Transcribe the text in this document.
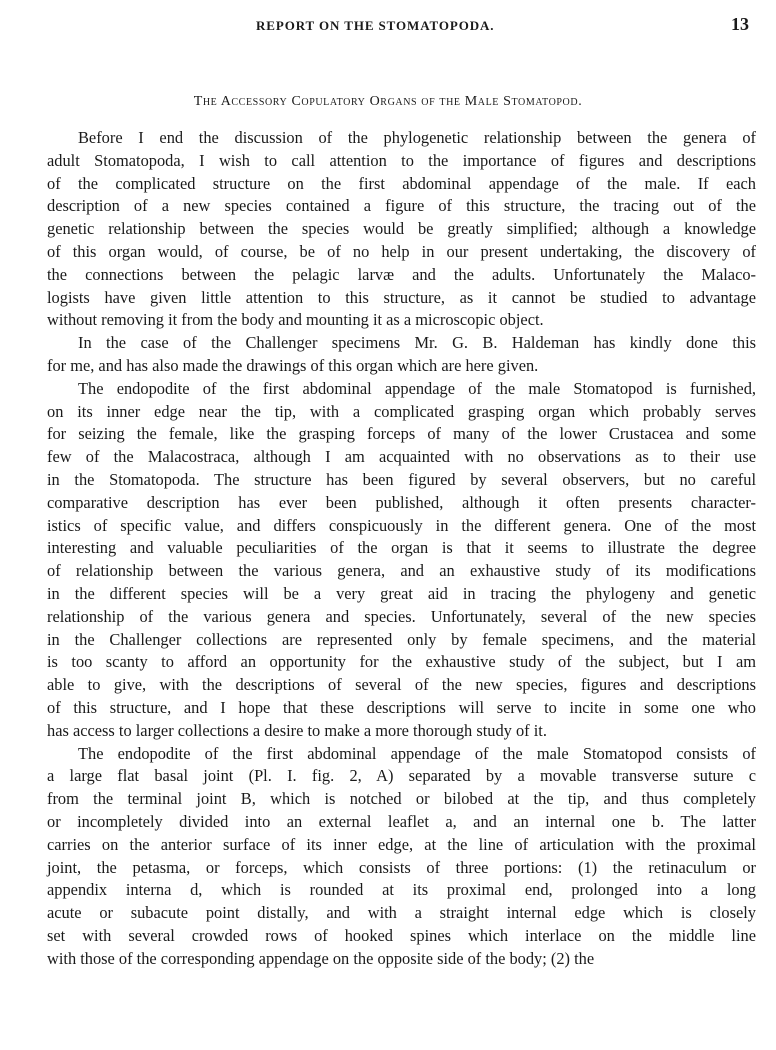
REPORT ON THE STOMATOPODA.	13
The Accessory Copulatory Organs of the Male Stomatopod.
Before I end the discussion of the phylogenetic relationship between the genera of
adult Stomatopoda, I wish to call attention to the importance of figures and descriptions
of the complicated structure on the first abdominal appendage of the male. If each
description of a new species contained a figure of this structure, the tracing out of the
genetic relationship between the species would be greatly simplified; although a knowledge
of this organ would, of course, be of no help in our present undertaking, the discovery of
the connections between the pelagic larvæ and the adults. Unfortunately the Malaco-
logists have given little attention to this structure, as it cannot be studied to advantage
without removing it from the body and mounting it as a microscopic object.
In the case of the Challenger specimens Mr. G. B. Haldeman has kindly done this
for me, and has also made the drawings of this organ which are here given.
The endopodite of the first abdominal appendage of the male Stomatopod is furnished,
on its inner edge near the tip, with a complicated grasping organ which probably serves
for seizing the female, like the grasping forceps of many of the lower Crustacea and some
few of the Malacostraca, although I am acquainted with no observations as to their use
in the Stomatopoda. The structure has been figured by several observers, but no careful
comparative description has ever been published, although it often presents character-
istics of specific value, and differs conspicuously in the different genera. One of the most
interesting and valuable peculiarities of the organ is that it seems to illustrate the degree
of relationship between the various genera, and an exhaustive study of its modifications
in the different species will be a very great aid in tracing the phylogeny and genetic
relationship of the various genera and species. Unfortunately, several of the new species
in the Challenger collections are represented only by female specimens, and the material
is too scanty to afford an opportunity for the exhaustive study of the subject, but I am
able to give, with the descriptions of several of the new species, figures and descriptions
of this structure, and I hope that these descriptions will serve to incite in some one who
has access to larger collections a desire to make a more thorough study of it.
The endopodite of the first abdominal appendage of the male Stomatopod consists of
a large flat basal joint (Pl. I. fig. 2, A) separated by a movable transverse suture c
from the terminal joint B, which is notched or bilobed at the tip, and thus completely
or incompletely divided into an external leaflet a, and an internal one b. The latter
carries on the anterior surface of its inner edge, at the line of articulation with the proximal
joint, the petasma, or forceps, which consists of three portions: (1) the retinaculum or
appendix interna d, which is rounded at its proximal end, prolonged into a long
acute or subacute point distally, and with a straight internal edge which is closely
set with several crowded rows of hooked spines which interlace on the middle line
with those of the corresponding appendage on the opposite side of the body; (2) the
